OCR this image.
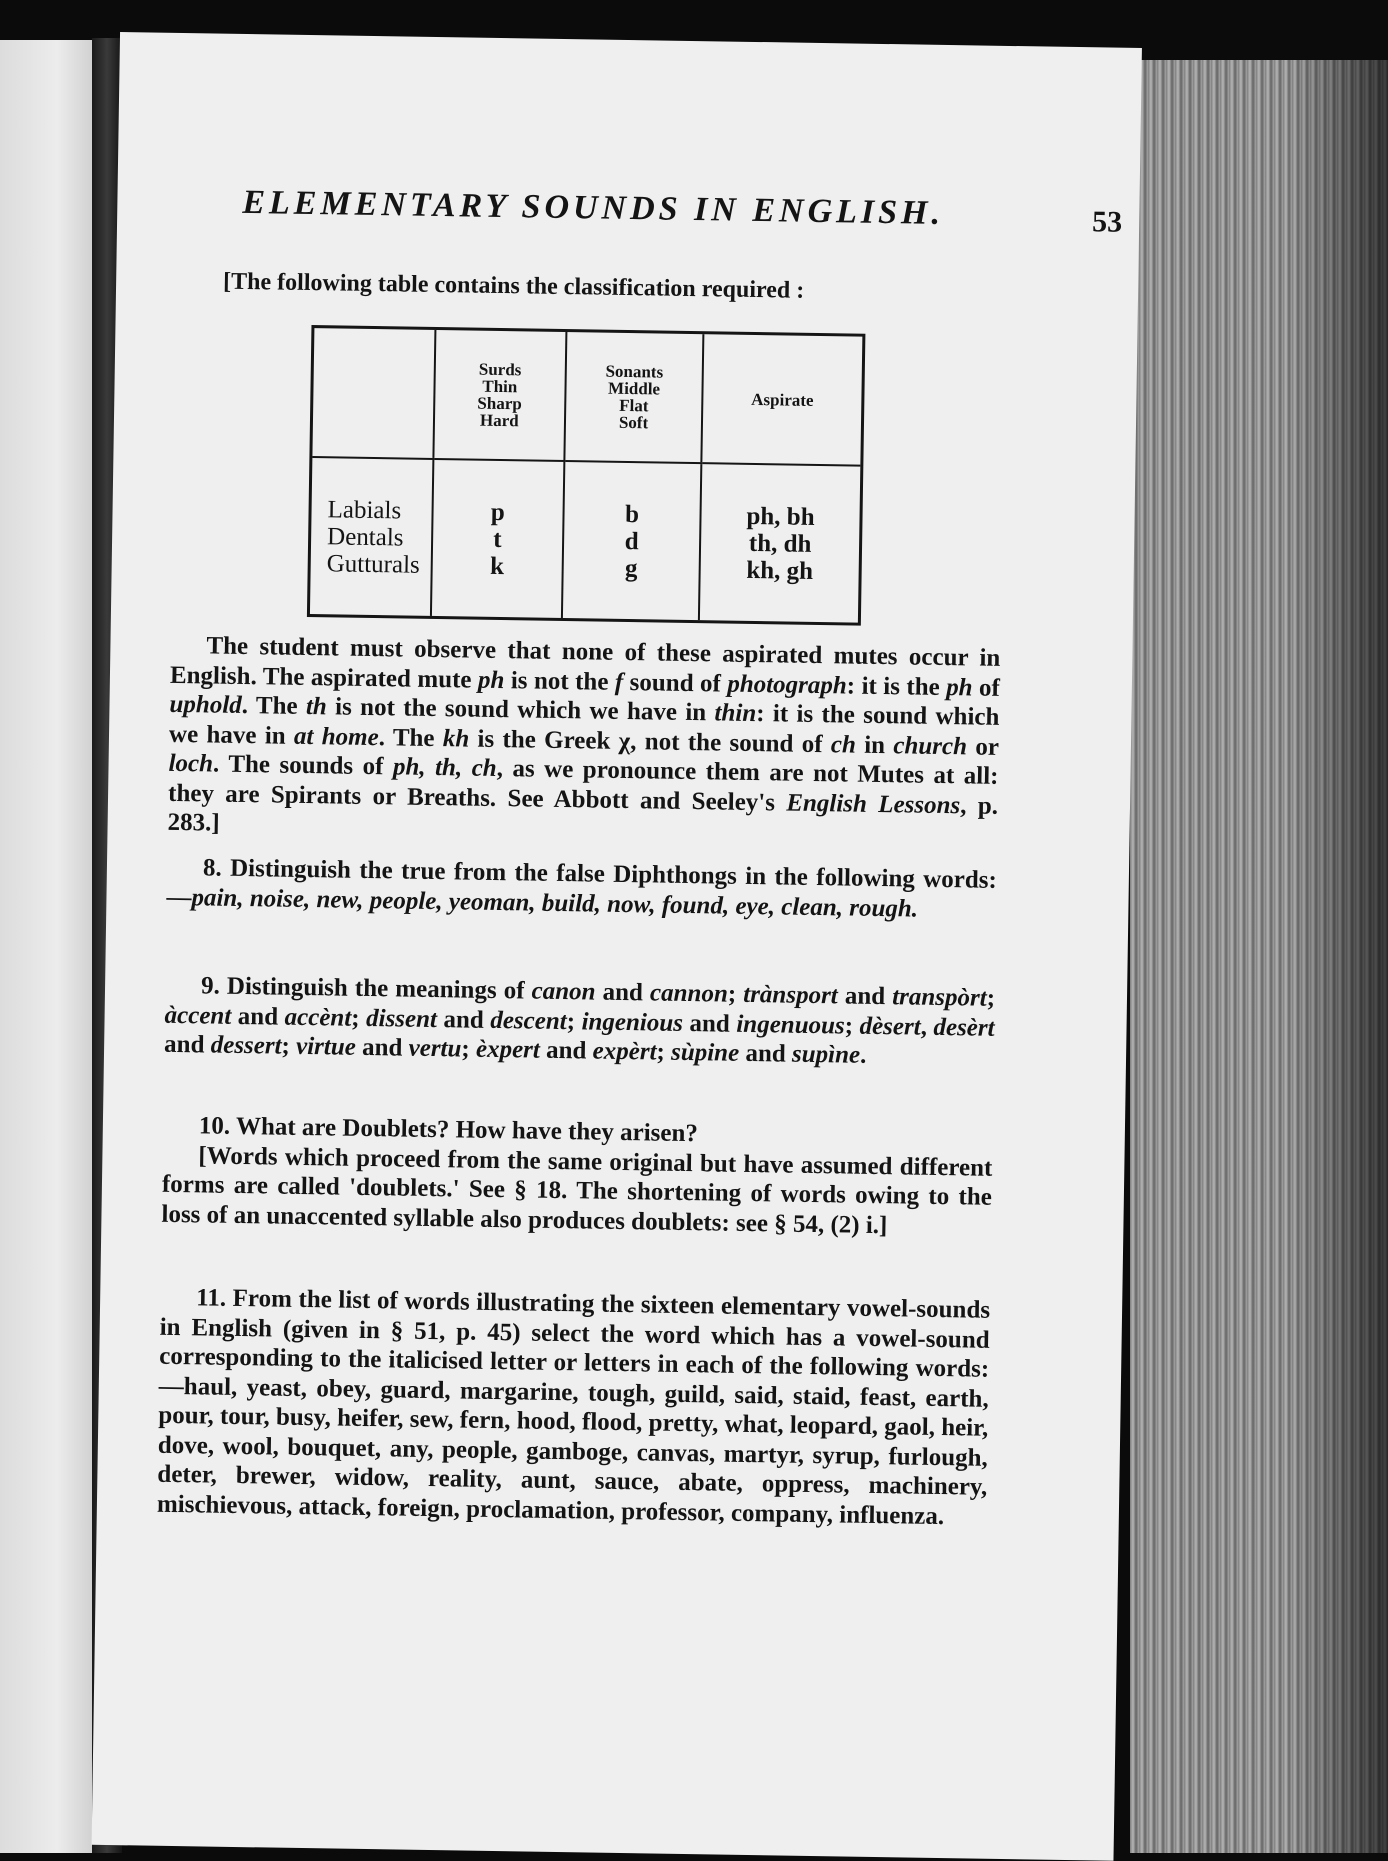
ELEMENTARY SOUNDS IN ENGLISH.	53
[The following table contains the classification required :

	Surds
Thin
Sharp
Hard	Sonants
Middle
Flat
Soft	Aspirate

Labials
Dentals
Gutturals	p
t
k	b
d
g	ph, bh
th, dh
kh, gh

The student must observe that none of these aspirated mutes occur in English. The aspirated mute ph is not the f sound of photograph: it is the ph of uphold. The th is not the sound which we have in thin: it is the sound which we have in at home. The kh is the Greek χ, not the sound of ch in church or loch. The sounds of ph, th, ch, as we pronounce them are not Mutes at all: they are Spirants or Breaths. See Abbott and Seeley's English Lessons, p. 283.]

8. Distinguish the true from the false Diphthongs in the following words:—pain, noise, new, people, yeoman, build, now, found, eye, clean, rough.

9. Distinguish the meanings of canon and cannon; trànsport and transpòrt; àccent and accènt; dissent and descent; ingenious and ingenuous; dèsert, desèrt and dessert; virtue and vertu; èxpert and expèrt; sùpine and supìne.

10. What are Doublets? How have they arisen?

[Words which proceed from the same original but have assumed different forms are called 'doublets.' See § 18. The shortening of words owing to the loss of an unaccented syllable also produces doublets: see § 54, (2) i.]

11. From the list of words illustrating the sixteen elementary vowel-sounds in English (given in § 51, p. 45) select the word which has a vowel-sound corresponding to the italicised letter or letters in each of the following words:—haul, yeast, obey, guard, margarine, tough, guild, said, staid, feast, earth, pour, tour, busy, heifer, sew, fern, hood, flood, pretty, what, leopard, gaol, heir, dove, wool, bouquet, any, people, gamboge, canvas, martyr, syrup, furlough, deter, brewer, widow, reality, aunt, sauce, abate, oppress, machinery, mischievous, attack, foreign, proclamation, professor, company, influenza.
